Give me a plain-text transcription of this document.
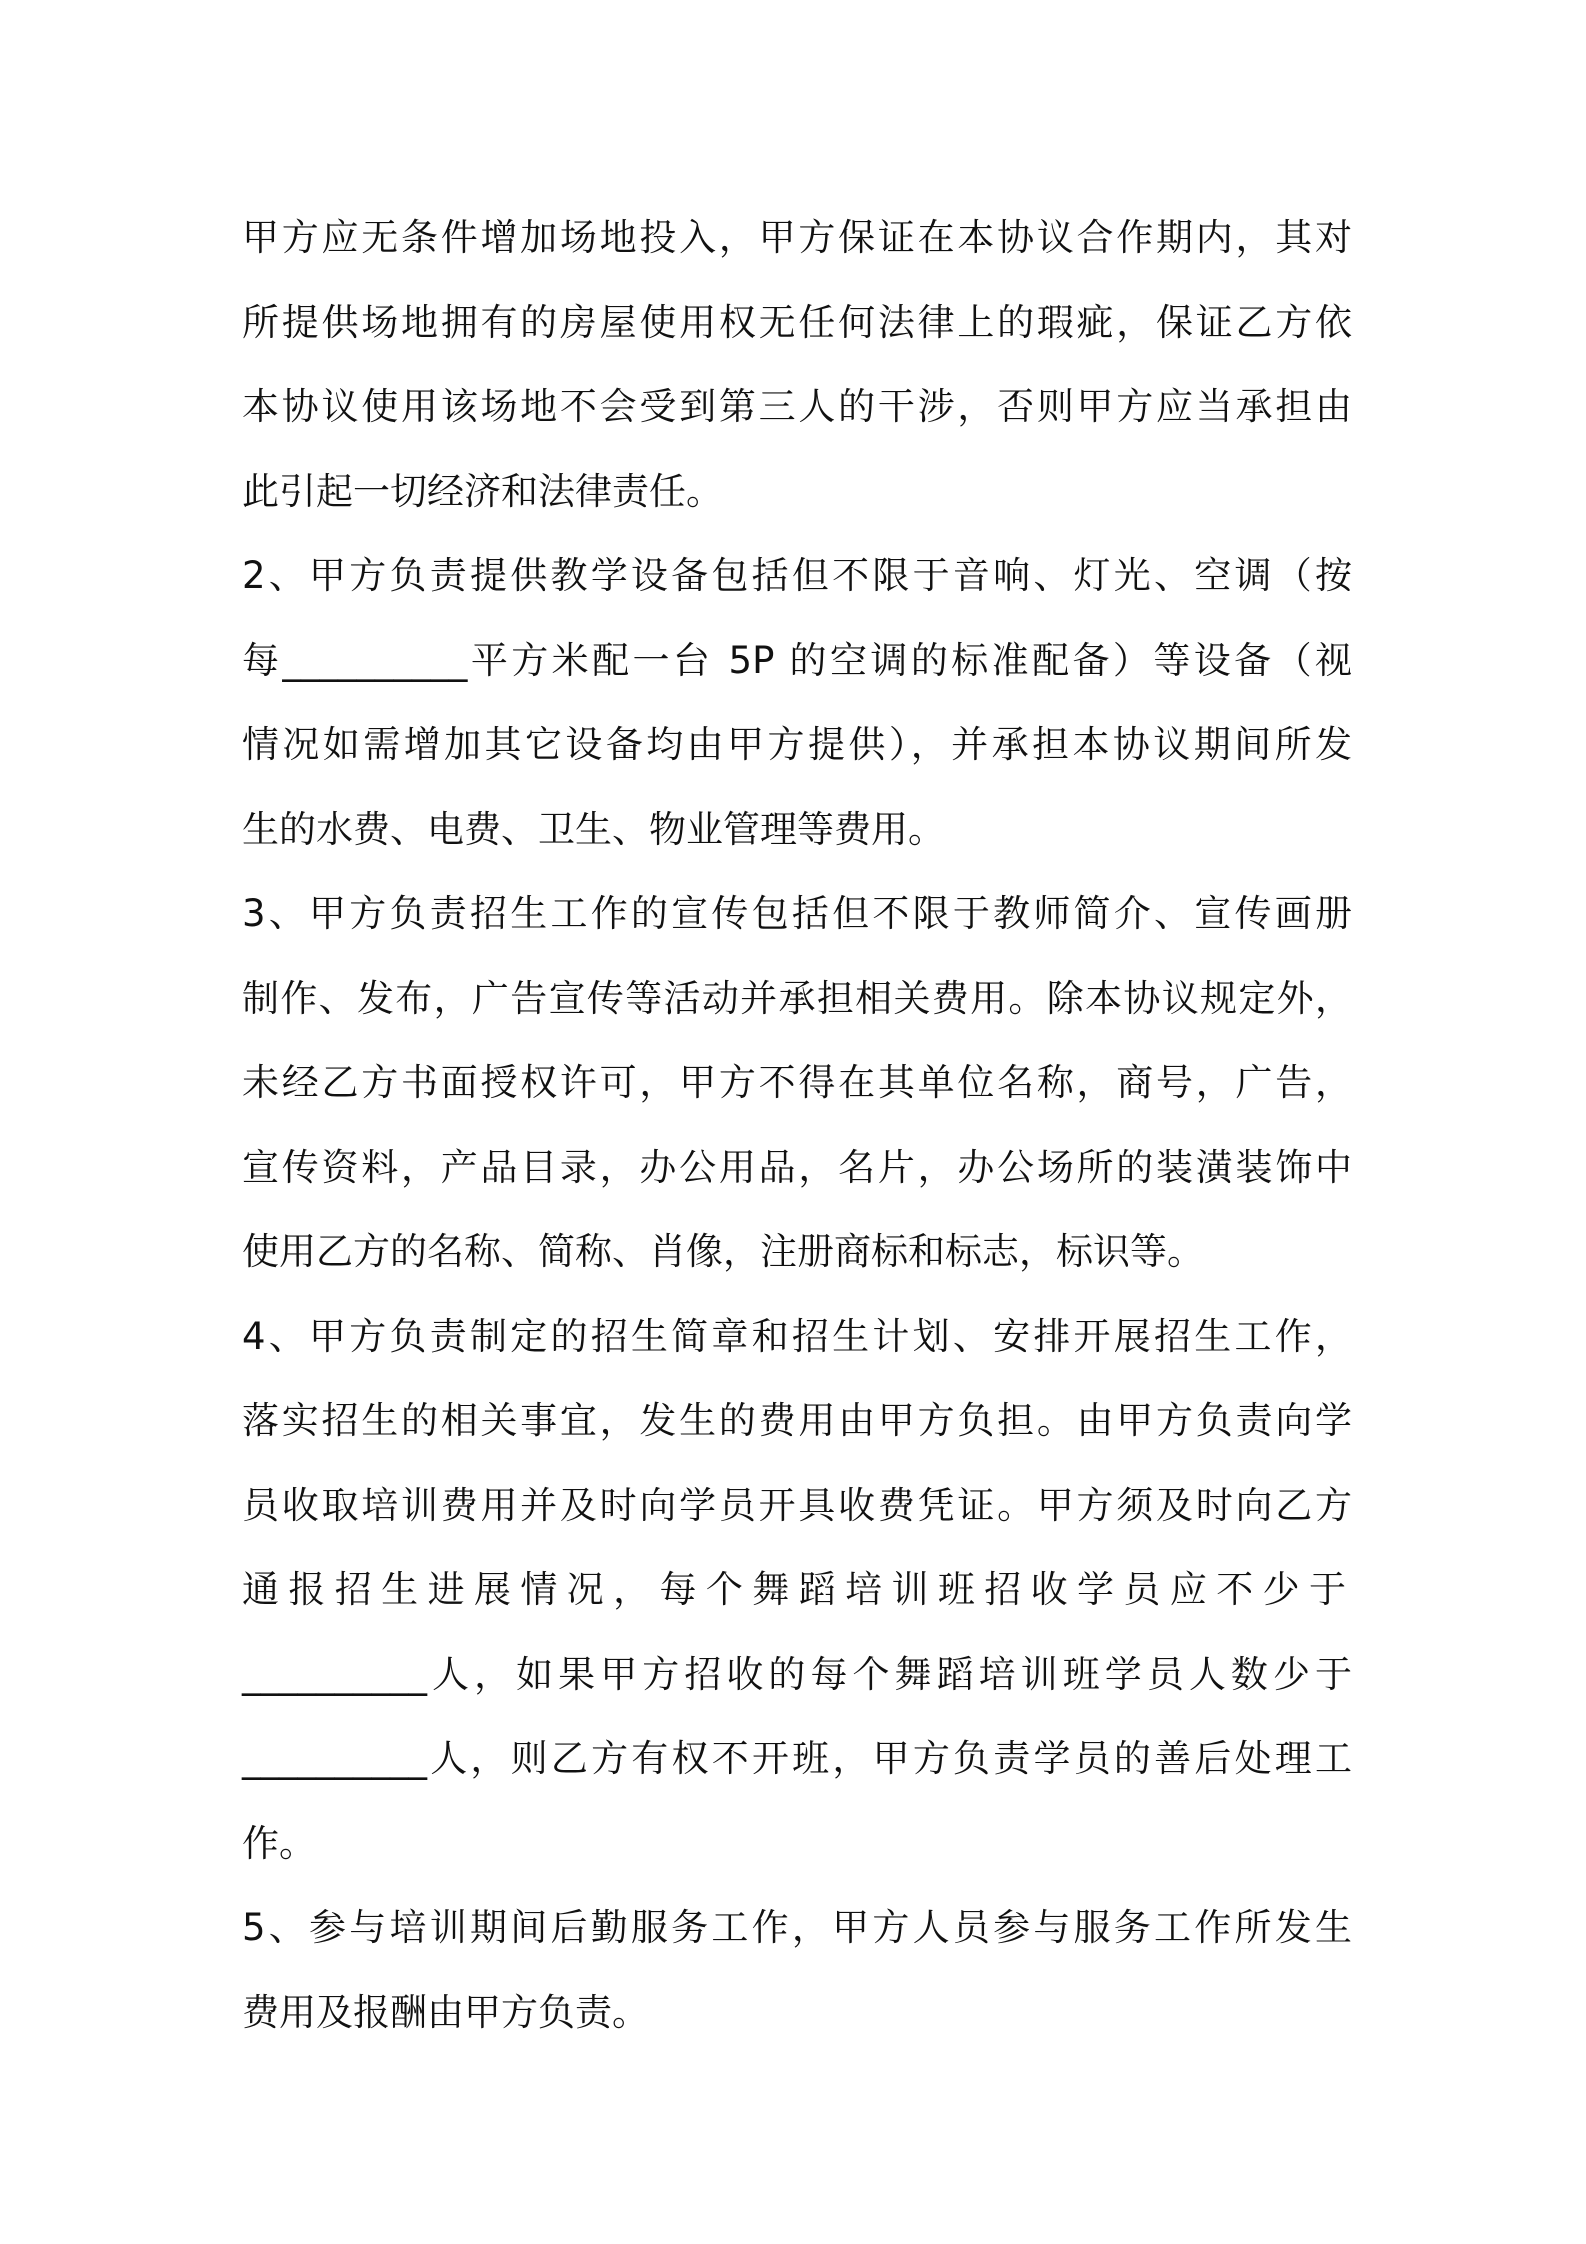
甲方应无条件增加场地投入，甲方保证在本协议合作期内，其对
所提供场地拥有的房屋使用权无任何法律上的瑕疵，保证乙方依
本协议使用该场地不会受到第三人的干涉，否则甲方应当承担由
此引起一切经济和法律责任。
2、甲方负责提供教学设备包括但不限于音响、灯光、空调（按
每__________平方米配一台 5P 的空调的标准配备）等设备（视
情况如需增加其它设备均由甲方提供），并承担本协议期间所发
生的水费、电费、卫生、物业管理等费用。
3、甲方负责招生工作的宣传包括但不限于教师简介、宣传画册
制作、发布，广告宣传等活动并承担相关费用。除本协议规定外，
未经乙方书面授权许可，甲方不得在其单位名称，商号，广告，
宣传资料，产品目录，办公用品，名片，办公场所的装潢装饰中
使用乙方的名称、简称、肖像，注册商标和标志，标识等。
4、甲方负责制定的招生简章和招生计划、安排开展招生工作，
落实招生的相关事宜，发生的费用由甲方负担。由甲方负责向学
员收取培训费用并及时向学员开具收费凭证。甲方须及时向乙方
通报招生进展情况，每个舞蹈培训班招收学员应不少于
__________人，如果甲方招收的每个舞蹈培训班学员人数少于
__________人，则乙方有权不开班，甲方负责学员的善后处理工
作。
5、参与培训期间后勤服务工作，甲方人员参与服务工作所发生
费用及报酬由甲方负责。
